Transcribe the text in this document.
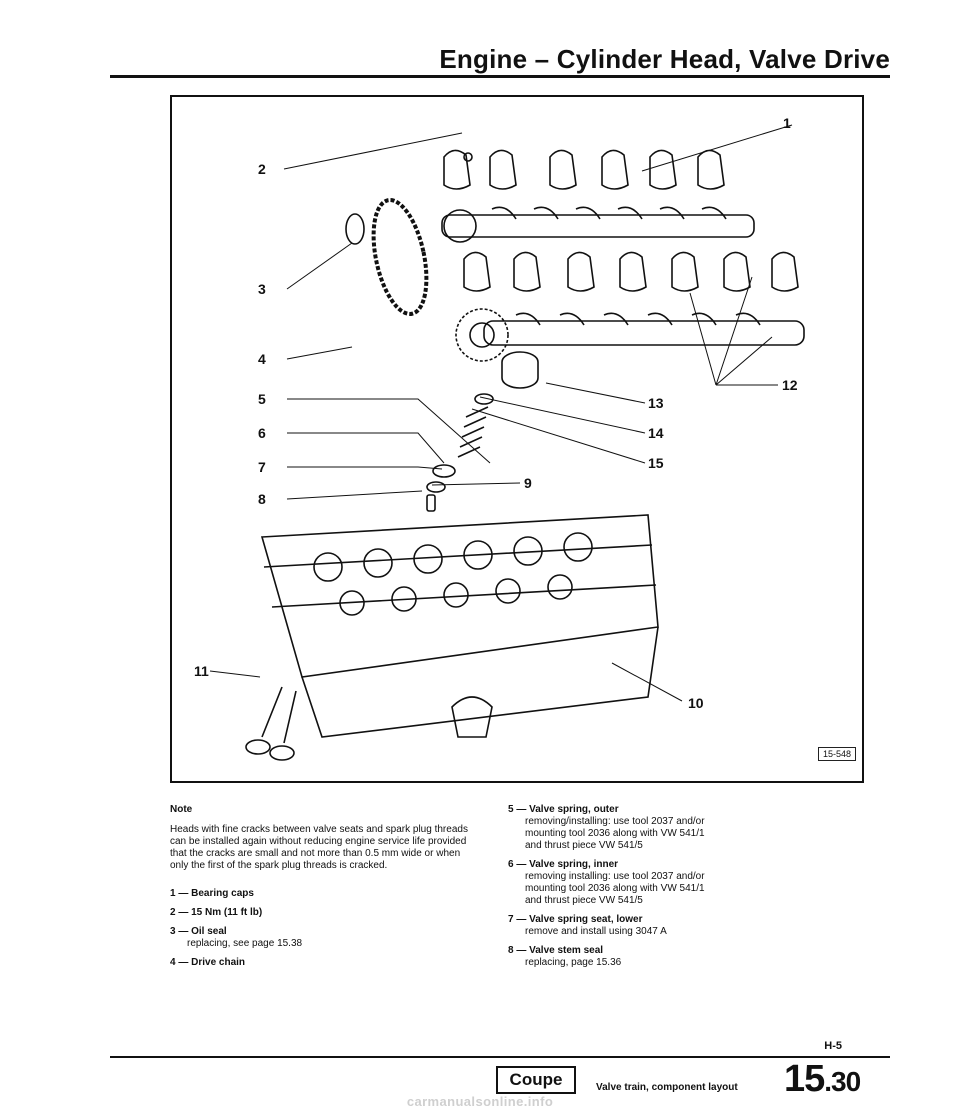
Engine – Cylinder Head, Valve Drive
1
2
3
4
5
6
7
8
9
10
11
12
13
14
15
15-548
Note
Heads with fine cracks between valve seats and spark plug threads can be installed again without reducing engine service life provided that the cracks are small and not more than 0.5 mm wide or when only the first of the spark plug threads is cracked.
1 — Bearing caps
2 — 15 Nm (11 ft lb)
3 — Oil seal
replacing, see page 15.38
4 — Drive chain
5 — Valve spring, outer
removing/installing: use tool 2037 and/or
mounting tool 2036 along with VW 541/1
and thrust piece VW 541/5
6 — Valve spring, inner
removing installing: use tool 2037 and/or
mounting tool 2036 along with VW 541/1
and thrust piece VW 541/5
7 — Valve spring seat, lower
remove and install using 3047 A
8 — Valve stem seal
replacing, page 15.36
H-5
Coupe	Valve train, component layout 15.30
carmanualsonline.info
